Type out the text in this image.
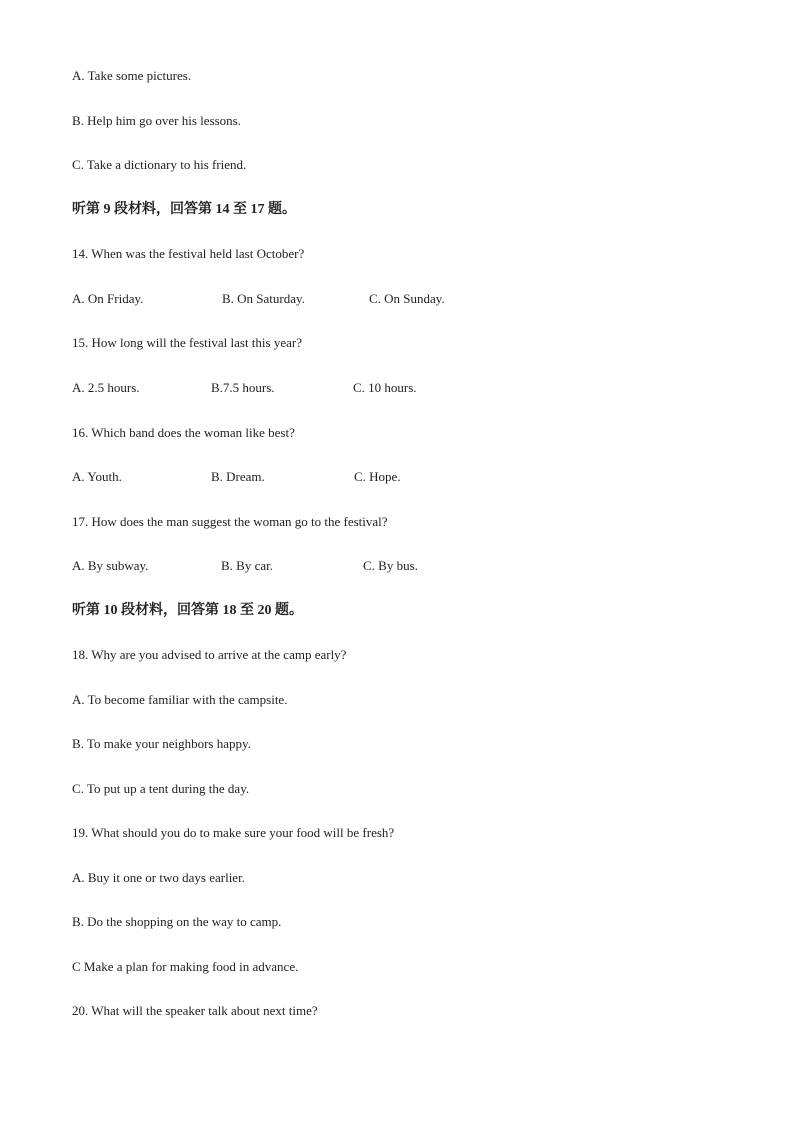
A. Take some pictures.
B. Help him go over his lessons.
C. Take a dictionary to his friend.
听第 9 段材料，回答第 14 至 17 题。
14. When was the festival held last October?
A. On Friday.	B. On Saturday.	C. On Sunday.
15. How long will the festival last this year?
A. 2.5 hours.	B.7.5 hours.	C. 10 hours.
16. Which band does the woman like best?
A. Youth.	B. Dream.	C. Hope.
17. How does the man suggest the woman go to the festival?
A. By subway.	B. By car.	C. By bus.
听第 10 段材料，回答第 18 至 20 题。
18. Why are you advised to arrive at the camp early?
A. To become familiar with the campsite.
B. To make your neighbors happy.
C. To put up a tent during the day.
19. What should you do to make sure your food will be fresh?
A. Buy it one or two days earlier.
B. Do the shopping on the way to camp.
C Make a plan for making food in advance.
20. What will the speaker talk about next time?
